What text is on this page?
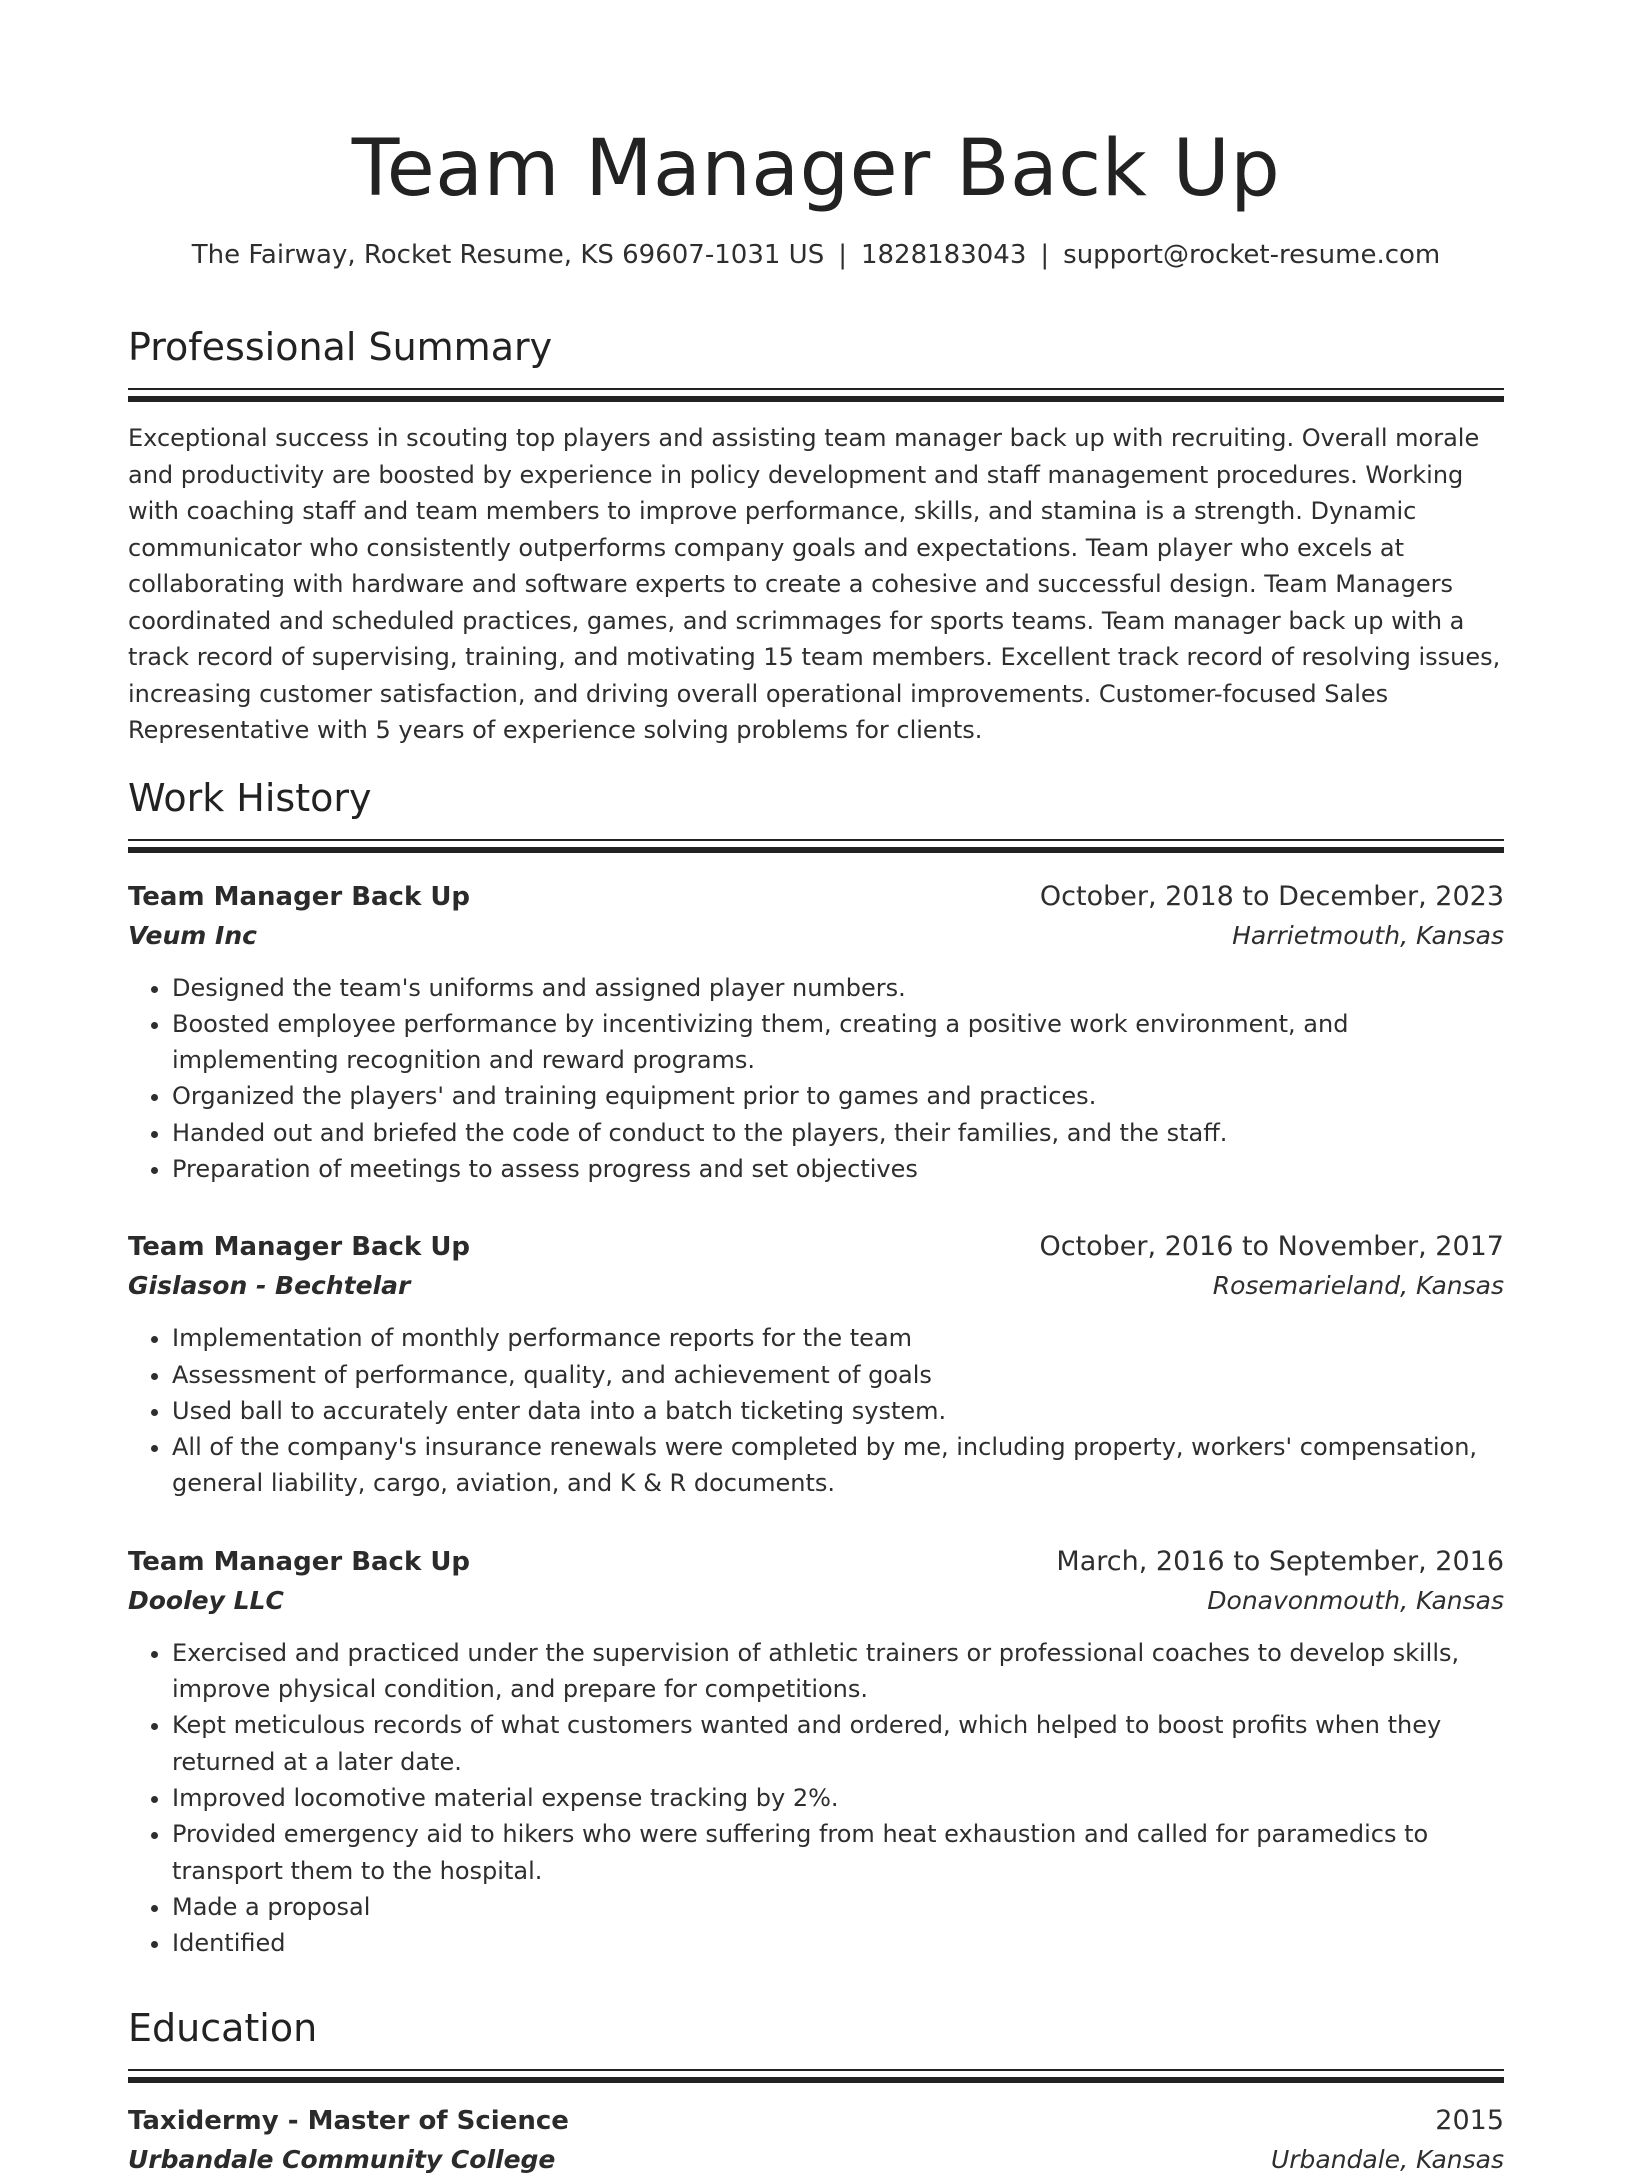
Team Manager Back Up
The Fairway, Rocket Resume, KS 69607-1031 US | 1828183043 | support@rocket-resume.com
Professional Summary

Exceptional success in scouting top players and assisting team manager back up with recruiting. Overall morale and productivity are boosted by experience in policy development and staff management procedures. Working with coaching staff and team members to improve performance, skills, and stamina is a strength. Dynamic communicator who consistently outperforms company goals and expectations. Team player who excels at collaborating with hardware and software experts to create a cohesive and successful design. Team Managers coordinated and scheduled practices, games, and scrimmages for sports teams. Team manager back up with a track record of supervising, training, and motivating 15 team members. Excellent track record of resolving issues, increasing customer satisfaction, and driving overall operational improvements. Customer-focused Sales Representative with 5 years of experience solving problems for clients.

Work History
Team Manager Back Up	October, 2018 to December, 2023
Veum Inc	Harrietmouth, Kansas
• Designed the team's uniforms and assigned player numbers.
• Boosted employee performance by incentivizing them, creating a positive work environment, and implementing recognition and reward programs.
• Organized the players' and training equipment prior to games and practices.
• Handed out and briefed the code of conduct to the players, their families, and the staff.
• Preparation of meetings to assess progress and set objectives
Team Manager Back Up	October, 2016 to November, 2017
Gislason - Bechtelar	Rosemarieland, Kansas
• Implementation of monthly performance reports for the team
• Assessment of performance, quality, and achievement of goals
• Used ball to accurately enter data into a batch ticketing system.
• All of the company's insurance renewals were completed by me, including property, workers' compensation, general liability, cargo, aviation, and K & R documents.
Team Manager Back Up	March, 2016 to September, 2016
Dooley LLC	Donavonmouth, Kansas
• Exercised and practiced under the supervision of athletic trainers or professional coaches to develop skills, improve physical condition, and prepare for competitions.
• Kept meticulous records of what customers wanted and ordered, which helped to boost profits when they returned at a later date.
• Improved locomotive material expense tracking by 2%.
• Provided emergency aid to hikers who were suffering from heat exhaustion and called for paramedics to transport them to the hospital.
• Made a proposal
• Identified
Education
Taxidermy - Master of Science	2015
Urbandale Community College	Urbandale, Kansas
